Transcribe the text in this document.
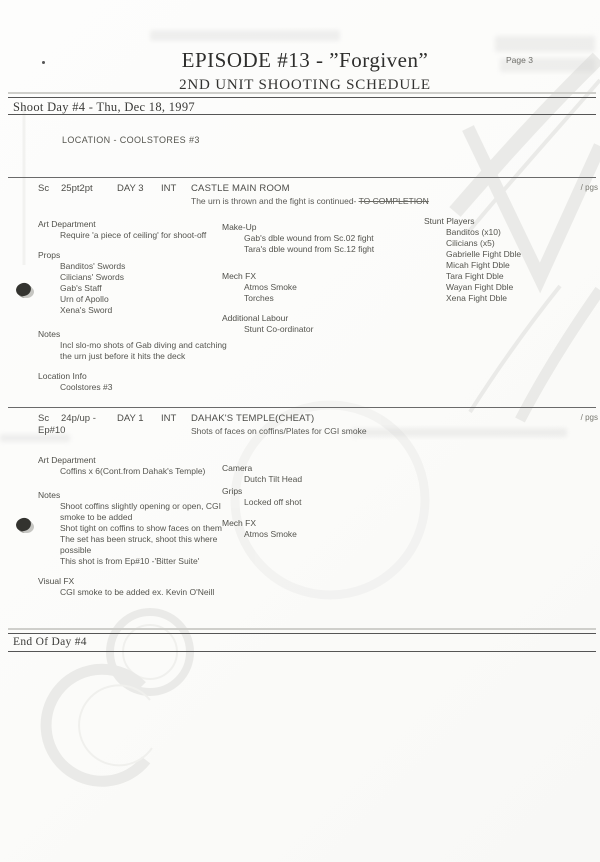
EPISODE #13 - ”Forgiven”
2ND UNIT SHOOTING SCHEDULE
Page 3
Shoot Day #4 - Thu, Dec 18, 1997
LOCATION - COOLSTORES #3
Sc 25pt2pt	DAY 3 INT CASTLE MAIN ROOM	/ pgs
The urn is thrown and the fight is continued- TO COMPLETION
Art Department
Require 'a piece of ceiling' for shoot-off
Props
Banditos' Swords
Cilicians' Swords
Gab's Staff
Urn of Apollo
Xena's Sword
Notes
Incl slo-mo shots of Gab diving and catching the urn just before it hits the deck
Location Info
Coolstores #3
Make-Up
Gab's dble wound from Sc.02 fight
Tara's dble wound from Sc.12 fight
Mech FX
Atmos Smoke
Torches
Additional Labour
Stunt Co-ordinator
Stunt Players
Banditos (x10)
Cilicians (x5)
Gabrielle Fight Dble
Micah Fight Dble
Tara Fight Dble
Wayan Fight Dble
Xena Fight Dble
Sc 24p/up - DAY 1 INT DAHAK'S TEMPLE(CHEAT)	/ pgs
Ep#10	Shots of faces on coffins/Plates for CGI smoke
Art Department
Coffins x 6(Cont.from Dahak's Temple)
Notes
Shoot coffins slightly opening or open, CGI smoke to be added
Shot tight on coffins to show faces on them
The set has been struck, shoot this where possible
This shot is from Ep#10 -'Bitter Suite'
Visual FX
CGI smoke to be added ex. Kevin O'Neill
Camera
Dutch Tilt Head
Grips
Locked off shot
Mech FX
Atmos Smoke
End Of Day #4
